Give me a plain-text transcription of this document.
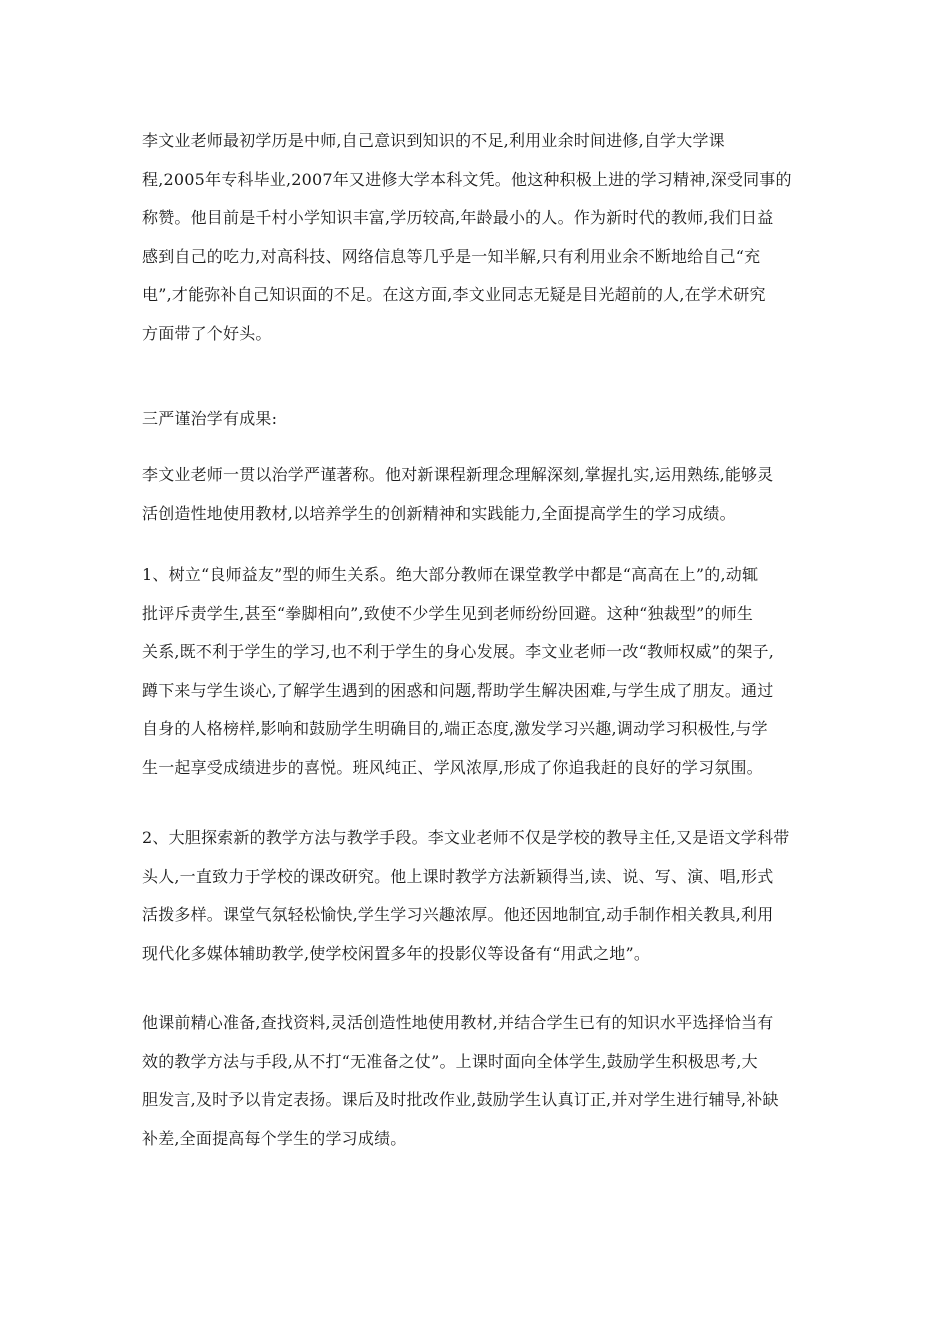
李文业老师最初学历是中师,自己意识到知识的不足,利用业余时间进修,自学大学课
程,2005年专科毕业,2007年又进修大学本科文凭。他这种积极上进的学习精神,深受同事的
称赞。他目前是千村小学知识丰富,学历较高,年龄最小的人。作为新时代的教师,我们日益
感到自己的吃力,对高科技、网络信息等几乎是一知半解,只有利用业余不断地给自己“充
电”,才能弥补自己知识面的不足。在这方面,李文业同志无疑是目光超前的人,在学术研究
方面带了个好头。
三严谨治学有成果:
李文业老师一贯以治学严谨著称。他对新课程新理念理解深刻,掌握扎实,运用熟练,能够灵
活创造性地使用教材,以培养学生的创新精神和实践能力,全面提高学生的学习成绩。
1、树立“良师益友”型的师生关系。绝大部分教师在课堂教学中都是“高高在上”的,动辄
批评斥责学生,甚至“拳脚相向”,致使不少学生见到老师纷纷回避。这种“独裁型”的师生
关系,既不利于学生的学习,也不利于学生的身心发展。李文业老师一改“教师权威”的架子,
蹲下来与学生谈心,了解学生遇到的困惑和问题,帮助学生解决困难,与学生成了朋友。通过
自身的人格榜样,影响和鼓励学生明确目的,端正态度,激发学习兴趣,调动学习积极性,与学
生一起享受成绩进步的喜悦。班风纯正、学风浓厚,形成了你追我赶的良好的学习氛围。
2、大胆探索新的教学方法与教学手段。李文业老师不仅是学校的教导主任,又是语文学科带
头人,一直致力于学校的课改研究。他上课时教学方法新颖得当,读、说、写、演、唱,形式
活拨多样。课堂气氛轻松愉快,学生学习兴趣浓厚。他还因地制宜,动手制作相关教具,利用
现代化多媒体辅助教学,使学校闲置多年的投影仪等设备有“用武之地”。
他课前精心准备,查找资料,灵活创造性地使用教材,并结合学生已有的知识水平选择恰当有
效的教学方法与手段,从不打“无准备之仗”。上课时面向全体学生,鼓励学生积极思考,大
胆发言,及时予以肯定表扬。课后及时批改作业,鼓励学生认真订正,并对学生进行辅导,补缺
补差,全面提高每个学生的学习成绩。
